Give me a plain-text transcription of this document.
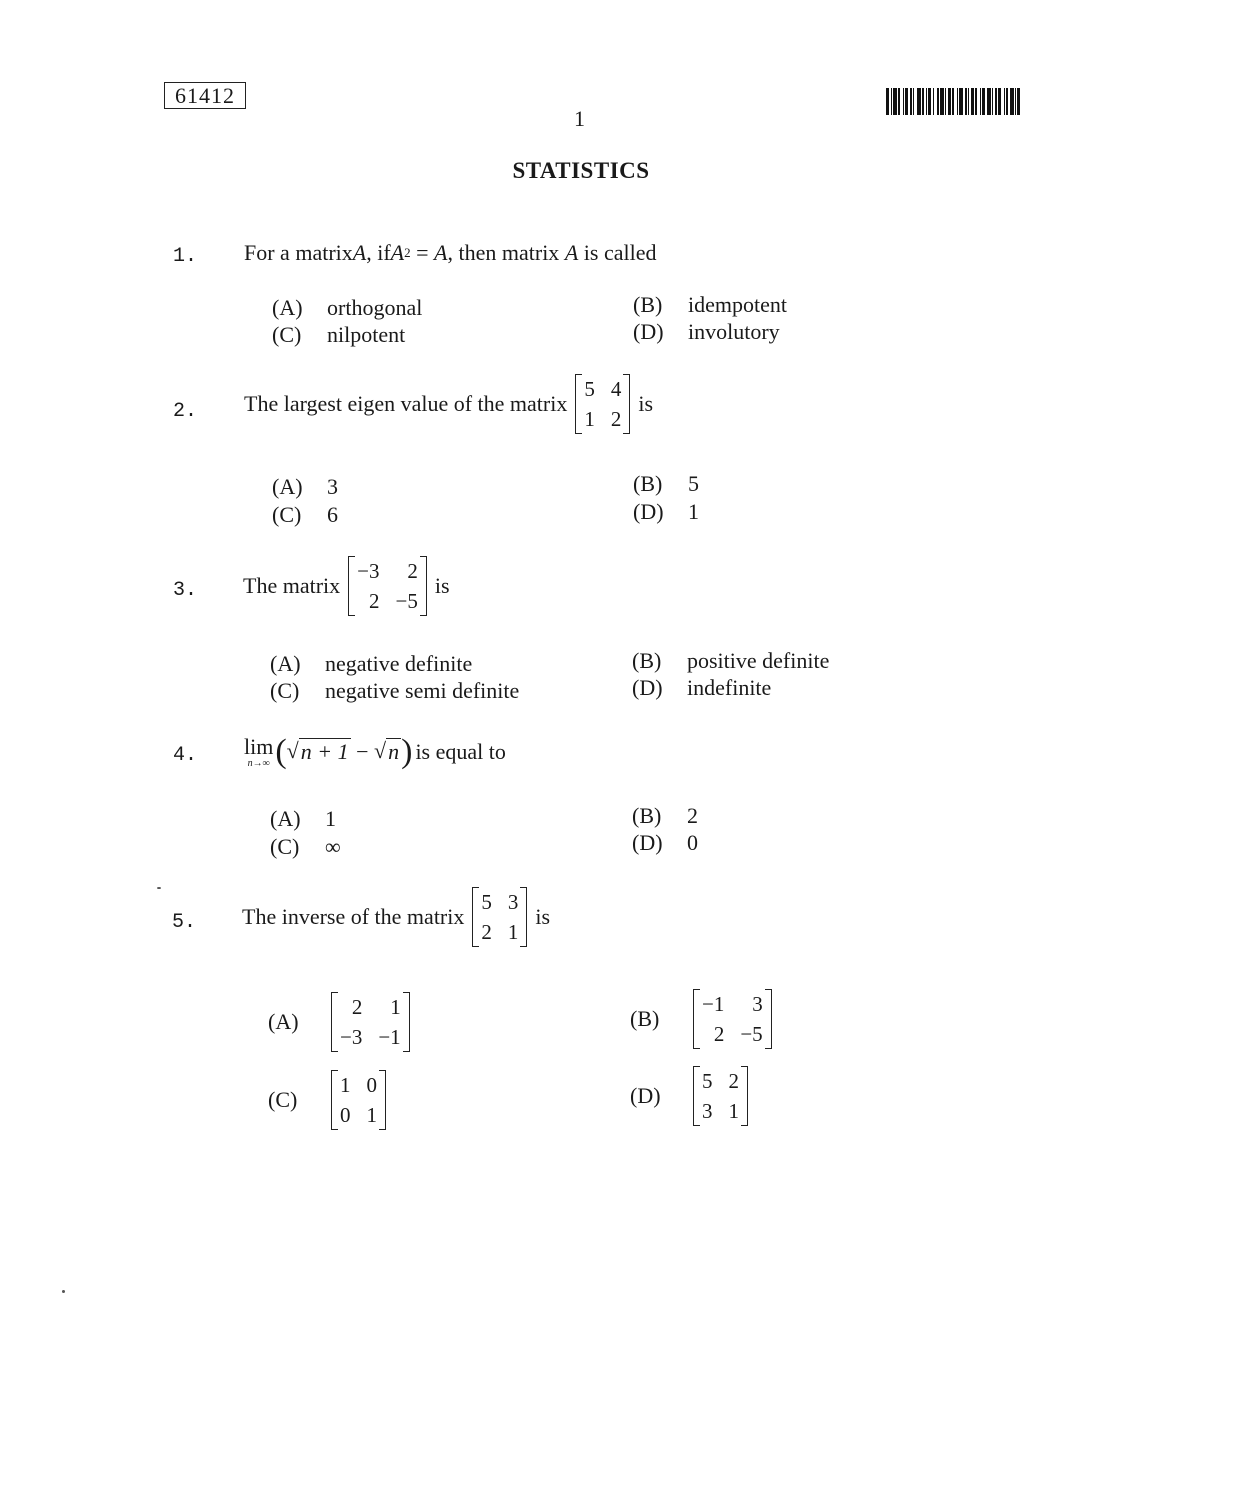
61412
1
STATISTICS
1. For a matrix A , if A 2 = A , then matrix A is called
(A)	orthogonal	(B)	idempotent
(C)	nilpotent	(D)	involutory
2. The largest eigen value of the matrix
5 4
1 2
is
(A)	3	(B)	5
(C)	6	(D)	1
3. The matrix
−3	2
2 −5
is
(A)	negative definite	(B)	positive definite
(C)	negative semi definite	(D)	indefinite
4. lim
n→∞ ( √ n + 1 − √ n ) is equal to
(A)	1	(B)	2
(C)	∞	(D)	0
5. The inverse of the matrix
5 3
2 1
is
(A)
2	1
−3 −1
(B)
−1	3
2 −5
(C)
1 0
0 1
(D)
5 2
3 1
